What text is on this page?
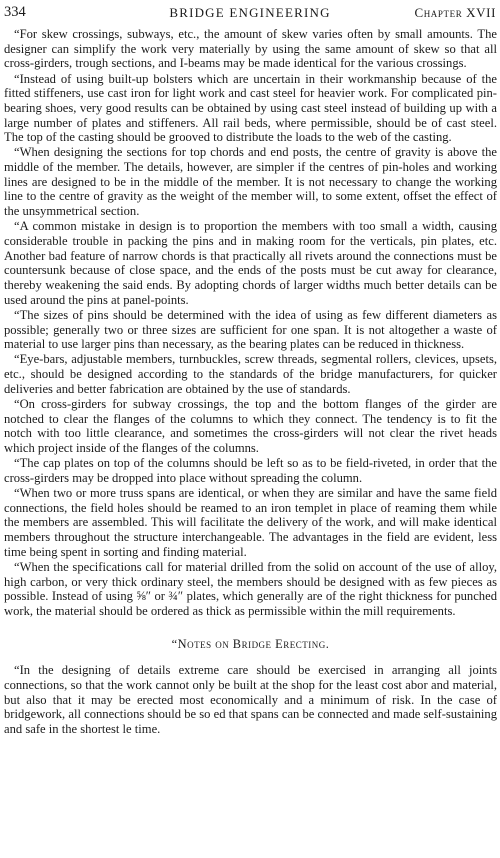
334	BRIDGE ENGINEERING	Chapter XVII

“For skew crossings, subways, etc., the amount of skew varies often by small amounts. The designer can simplify the work very materially by using the same amount of skew so that all cross-girders, trough sections, and I-beams may be made identical for the various crossings.

“Instead of using built-up bolsters which are uncertain in their workmanship because of the fitted stiffeners, use cast iron for light work and cast steel for heavier work. For complicated pin-bearing shoes, very good results can be obtained by using cast steel instead of building up with a large number of plates and stiffeners. All rail beds, where permissible, should be of cast steel. The top of the casting should be grooved to distribute the loads to the web of the casting.

“When designing the sections for top chords and end posts, the centre of gravity is above the middle of the member. The details, however, are simpler if the centres of pin-holes and working lines are designed to be in the middle of the member. It is not necessary to change the working line to the centre of gravity as the weight of the member will, to some extent, offset the effect of the unsymmetrical section.

“A common mistake in design is to proportion the members with too small a width, causing considerable trouble in packing the pins and in making room for the verticals, pin plates, etc. Another bad feature of narrow chords is that practically all rivets around the connections must be countersunk because of close space, and the ends of the posts must be cut away for clearance, thereby weakening the said ends. By adopting chords of larger widths much better details can be used around the pins at panel-points.

“The sizes of pins should be determined with the idea of using as few different diameters as possible; generally two or three sizes are sufficient for one span. It is not altogether a waste of material to use larger pins than necessary, as the bearing plates can be reduced in thickness.

“Eye-bars, adjustable members, turnbuckles, screw threads, segmental rollers, clevices, upsets, etc., should be designed according to the standards of the bridge manufacturers, for quicker deliveries and better fabrication are obtained by the use of standards.

“On cross-girders for subway crossings, the top and the bottom flanges of the girder are notched to clear the flanges of the columns to which they connect. The tendency is to fit the notch with too little clearance, and sometimes the cross-girders will not clear the rivet heads which project inside of the flanges of the columns.

“The cap plates on top of the columns should be left so as to be field-riveted, in order that the cross-girders may be dropped into place without spreading the column.

“When two or more truss spans are identical, or when they are similar and have the same field connections, the field holes should be reamed to an iron templet in place of reaming them while the members are assembled. This will facilitate the delivery of the work, and will make identical members throughout the structure interchangeable. The advantages in the field are evident, less time being spent in sorting and finding material.

“When the specifications call for material drilled from the solid on account of the use of alloy, high carbon, or very thick ordinary steel, the members should be designed with as few pieces as possible. Instead of using ⅝″ or ¾″ plates, which generally are of the right thickness for punched work, the material should be ordered as thick as permissible within the mill requirements.

“Notes on Bridge Erecting.

“In the designing of details extreme care should be exercised in arranging all joints connections, so that the work cannot only be built at the shop for the least cost abor and material, but also that it may be erected most economically and a minimum of risk. In the case of bridgework, all connections should be so ed that spans can be connected and made self-sustaining and safe in the shortest le time.
